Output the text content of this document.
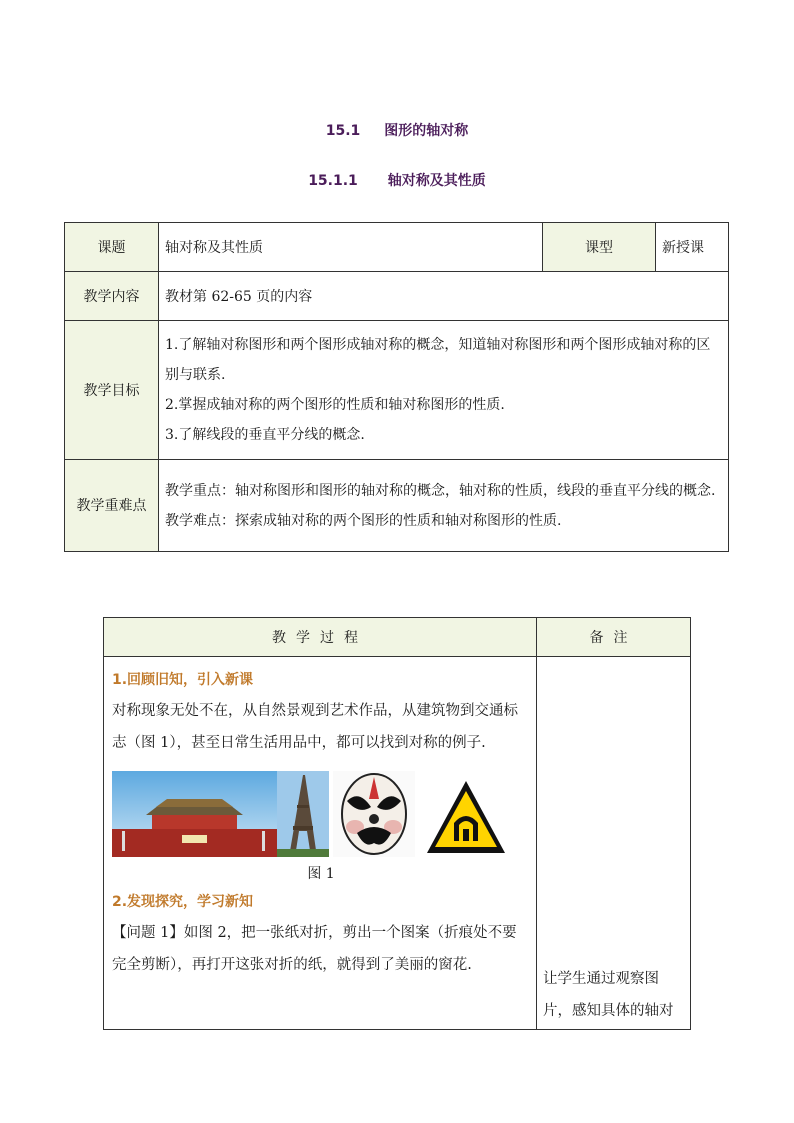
15.1 图形的轴对称
15.1.1 轴对称及其性质
课题	轴对称及其性质	课型	新授课
教学内容	教材第 62-65 页的内容		
教学目标	1.了解轴对称图形和两个图形成轴对称的概念，知道轴对称图形和两个图形成轴对称的区别与联系.

2.掌握成轴对称的两个图形的性质和轴对称图形的性质.

3.了解线段的垂直平分线的概念.		

教学重难点	教学重点：轴对称图形和图形的轴对称的概念，轴对称的性质，线段的垂直平分线的概念.

教学难点：探索成轴对称的两个图形的性质和轴对称图形的性质.		

教学过程	备注

1.回顾旧知，引入新课

对称现象无处不在，从自然景观到艺术作品，从建筑物到交通标志（图 1），甚至日常生活用品中，都可以找到对称的例子.

图 1

2.发现探究，学习新知

【问题 1】如图 2，把一张纸对折，剪出一个图案（折痕处不要完全剪断），再打开这张对折的纸，就得到了美丽的窗花.	让学生通过观察图片，感知具体的轴对
